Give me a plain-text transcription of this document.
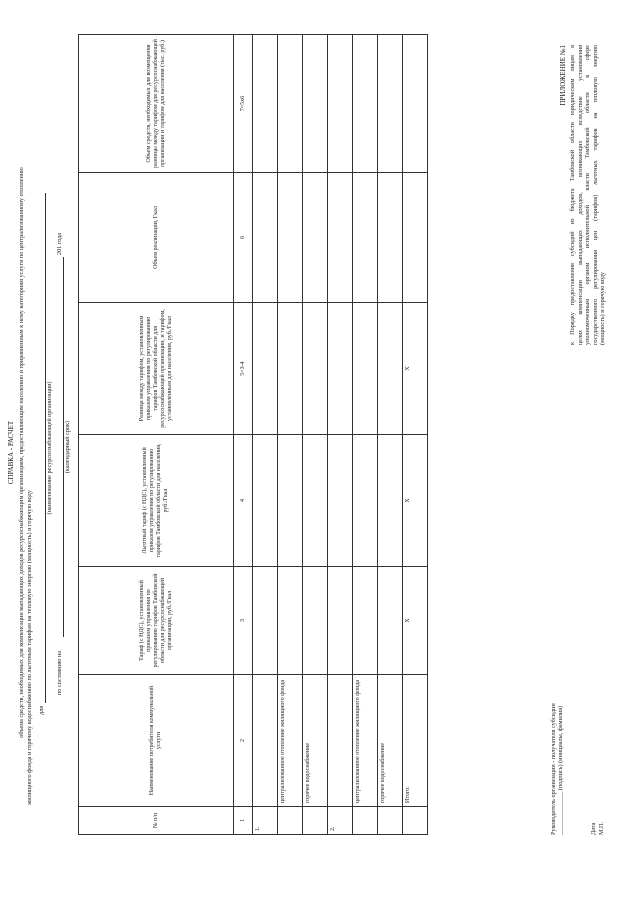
ПРИЛОЖЕНИЕ №1 к Порядку предоставления субсидий из бюджета Тамбовской области юридическим лицам в целях компенсации выпадающих доходов, возникающих вследствие установления уполномоченным органом исполнительной власти Тамбовской области в сфере государственного регулирования цен (тарифов) льготных тарифов на тепловую энергию (мощность) и горячую воду
СПРАВКА - РАСЧЕТ объема средств, необходимых для компенсации выпадающих доходов ресурсоснабжающим организациям, предоставляющим населению и приравненным к нему категориям услуги по централизованному отоплению жилищного фонда и горячему водоснабжению по льготным тарифам на тепловую энергию (мощность) и горячую воду для
(наименование ресурсоснабжающей организации)
по состоянию на
201 года
(календарный срок)
№ п/п	Наименование потребителя коммунальной услуги	Тариф (с НДС), установленный приказом управления по регулированию тарифов Тамбовской области для ресурсоснабжающей организации, руб./Гкал	Льготный тариф (с НДС), установленный приказом управления по регулированию тарифов Тамбовской области для населения, руб./Гкал	Разница между тарифом, установленным приказом управления по регулированию тарифов Тамбовской области для ресурсоснабжающей организации, и тарифом, установленным для населения, руб./Гкал	Объем реализации, Гкал	Объем средств, необходимых для возмещения разницы между тарифом для ресурсоснабжающей организации и тарифом для населения (тыс. руб.)
1	2	3	4	5=3-4	6	7=5х6
1.						
	централизованное отопление жилищного фонда					
	горячее водоснабжение					
2.						
	централизованное отопление жилищного фонда					
	горячее водоснабжение					
	Итого:	Х	Х	Х		
Руководитель организации - получателя субсидии ______________ (подпись) (инициалы, фамилия)
Дата М.П.
